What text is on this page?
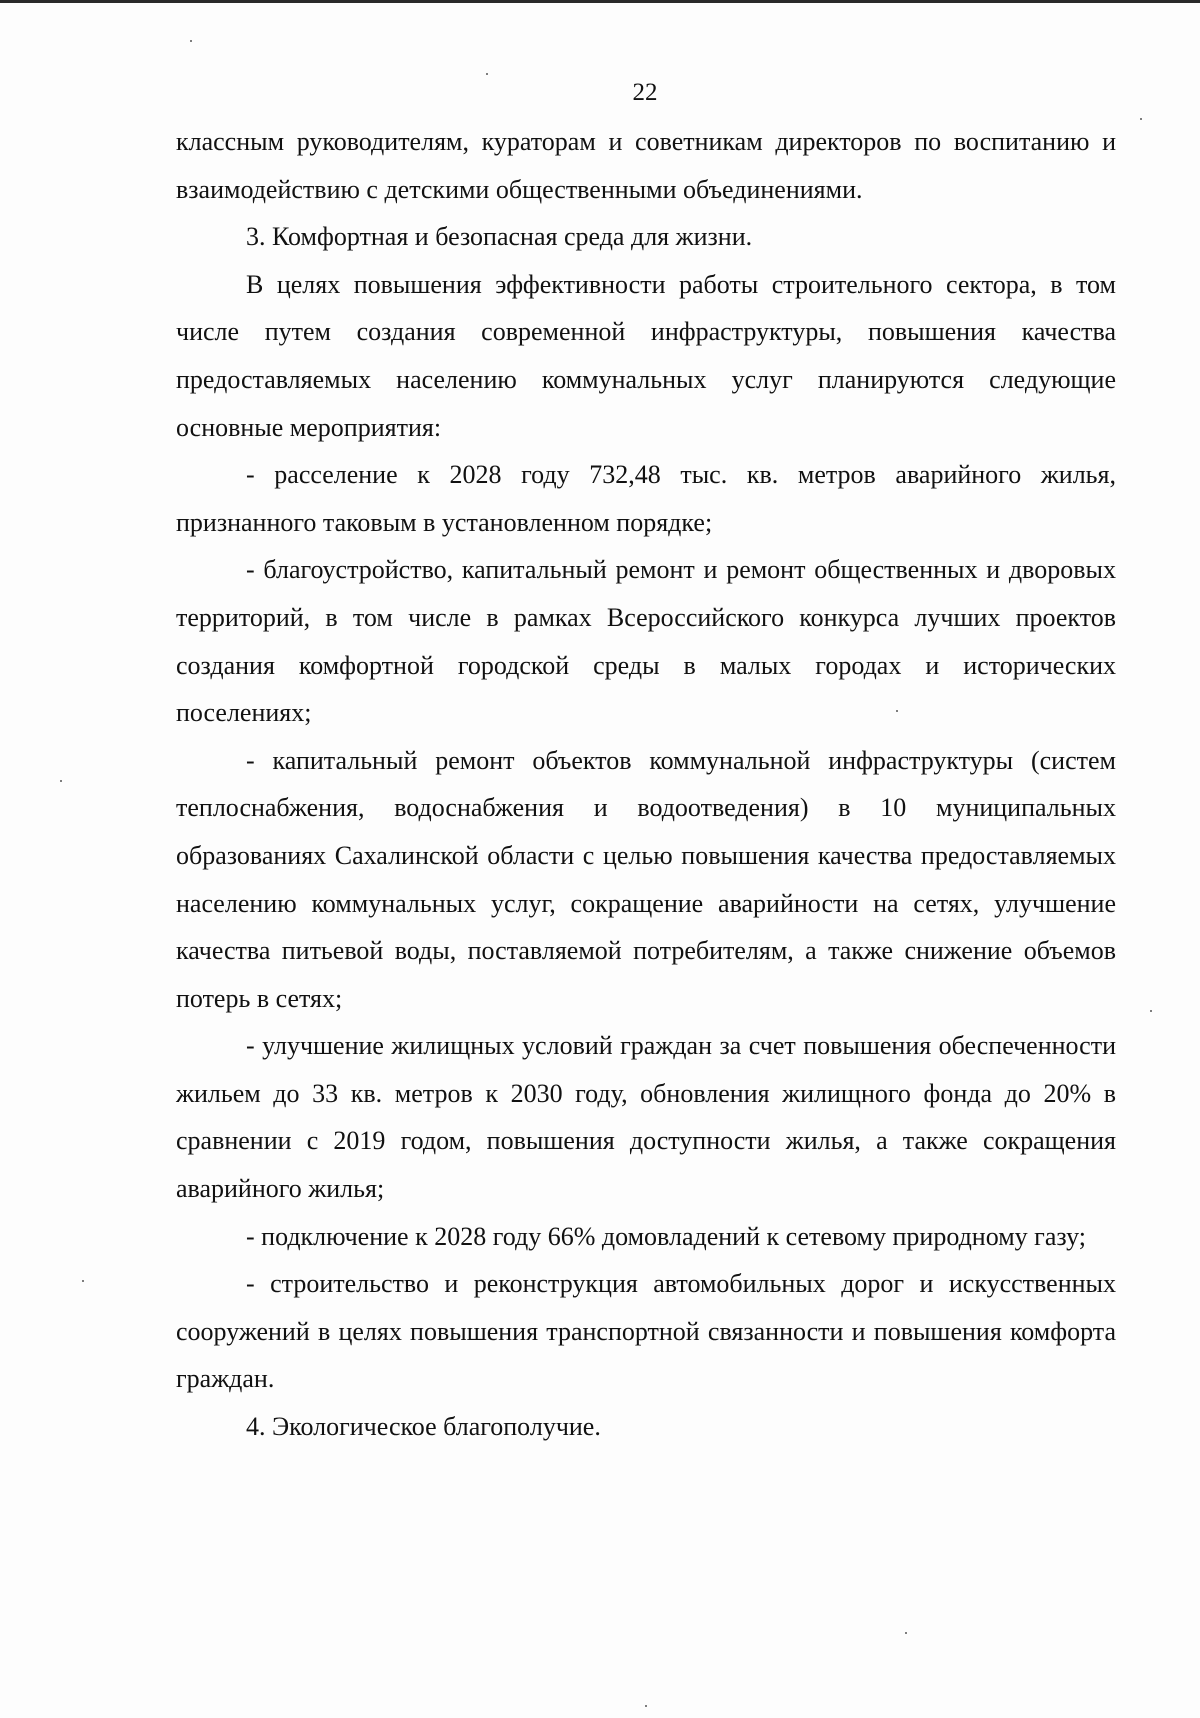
22

классным руководителям, кураторам и советникам директоров по воспитанию и взаимодействию с детскими общественными объединениями.

3. Комфортная и безопасная среда для жизни.

В целях повышения эффективности работы строительного сектора, в том числе путем создания современной инфраструктуры, повышения качества предоставляемых населению коммунальных услуг планируются следующие основные мероприятия:

- расселение к 2028 году 732,48 тыс. кв. метров аварийного жилья, признанного таковым в установленном порядке;

- благоустройство, капитальный ремонт и ремонт общественных и дворовых территорий, в том числе в рамках Всероссийского конкурса лучших проектов создания комфортной городской среды в малых городах и исторических поселениях;

- капитальный ремонт объектов коммунальной инфраструктуры (систем теплоснабжения, водоснабжения и водоотведения) в 10 муниципальных образованиях Сахалинской области с целью повышения качества предоставляемых населению коммунальных услуг, сокращение аварийности на сетях, улучшение качества питьевой воды, поставляемой потребителям, а также снижение объемов потерь в сетях;

- улучшение жилищных условий граждан за счет повышения обеспеченности жильем до 33 кв. метров к 2030 году, обновления жилищного фонда до 20% в сравнении с 2019 годом, повышения доступности жилья, а также сокращения аварийного жилья;

- подключение к 2028 году 66% домовладений к сетевому природному газу;

- строительство и реконструкция автомобильных дорог и искусственных сооружений в целях повышения транспортной связанности и повышения комфорта граждан.

4. Экологическое благополучие.
